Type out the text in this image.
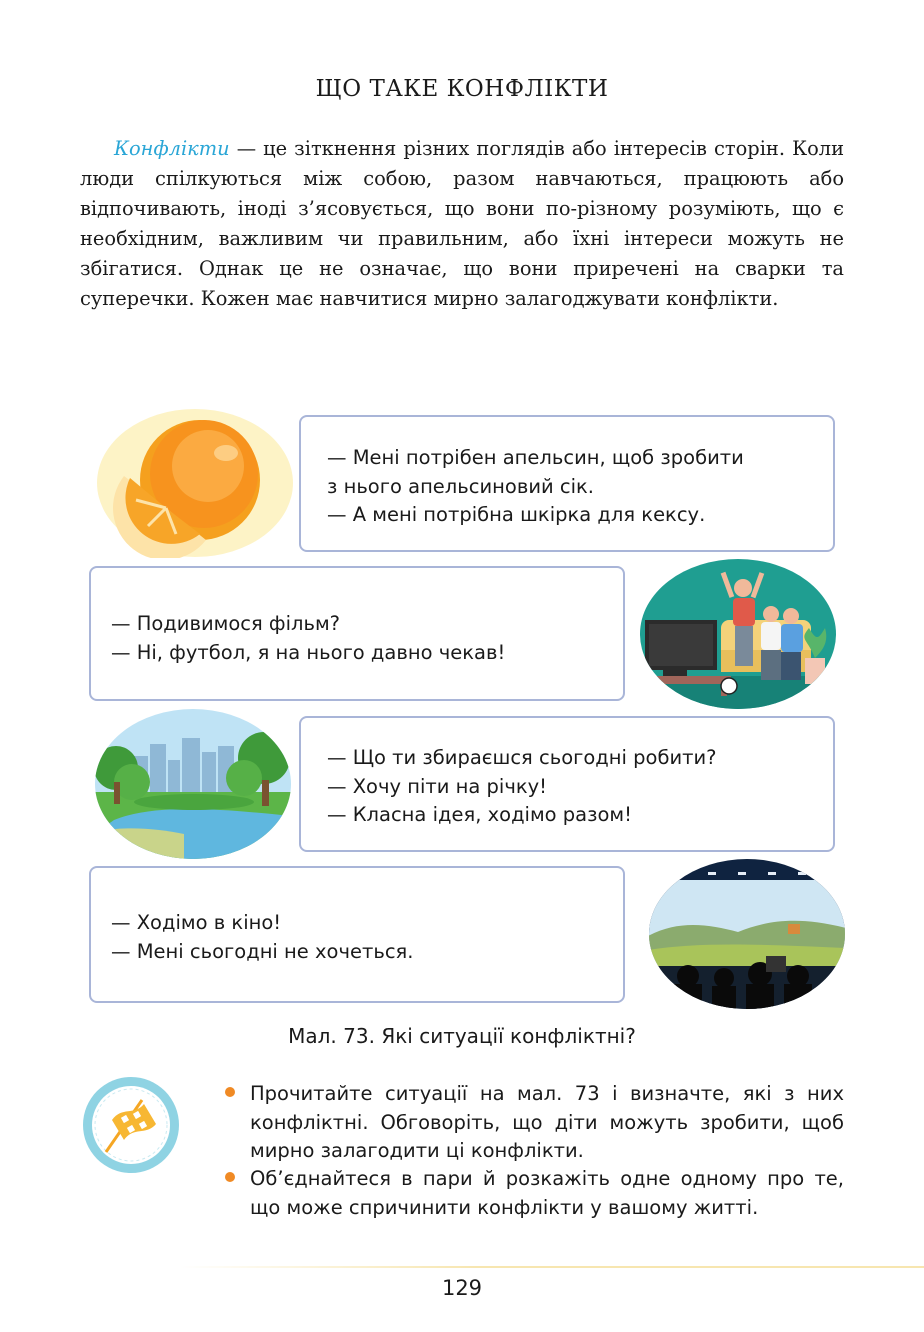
ЩО ТАКЕ КОНФЛІКТИ

Конфлікти — це зіткнення різних поглядів або інтересів сторін. Коли люди спілкуються між собою, разом навчаються, працюють або відпочивають, іноді з’ясовується, що вони по-різному розуміють, що є необхідним, важливим чи правильним, або їхні інтереси можуть не збігатися. Однак це не означає, що вони приречені на сварки та суперечки. Кожен має навчитися мирно залагоджувати конфлікти.

— Мені потрібен апельсин, щоб зробити
з нього апельсиновий сік.
— А мені потрібна шкірка для кексу.
— Подивимося фільм?
— Ні, футбол, я на нього давно чекав!
— Що ти збираєшся сьогодні робити?
— Хочу піти на річку!
— Класна ідея, ходімо разом!
— Ходімо в кіно!
— Мені сьогодні не хочеться.
Мал. 73. Які ситуації конфліктні?

Прочитайте ситуації на мал. 73 і визначте, які з них конфліктні. Обговоріть, що діти можуть зробити, щоб мирно залагодити ці конфлікти.

Об’єднайтеся в пари й розкажіть одне одному про те, що може спричинити конфлікти у вашому житті.

129
